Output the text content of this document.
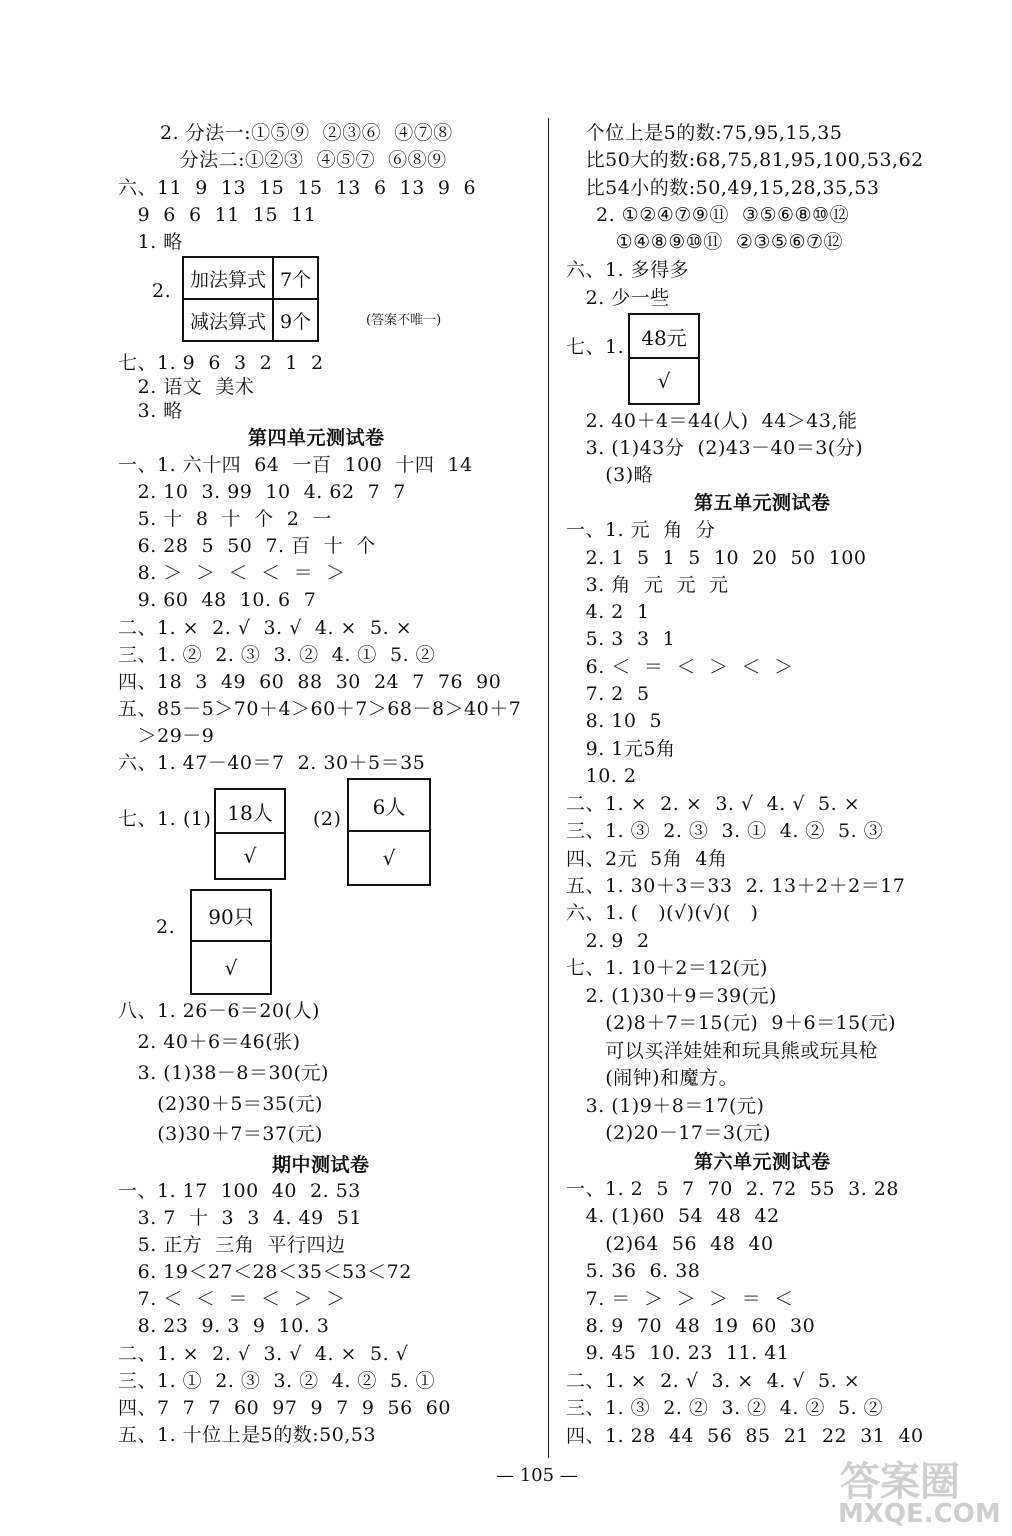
2. 分法一:①⑤⑨  ②③⑥  ④⑦⑧
分法二:①②③  ④⑤⑦  ⑥⑧⑨
六、11  9  13  15  15  13  6  13  9  6
9  6  6  11  15  11
1. 略
2.
加法算式	7个
减法算式	9个	(答案不唯一)
七、1. 9  6  3  2  1  2
2. 语文  美术
3. 略
第四单元测试卷
一、1. 六十四  64  一百  100  十四  14
2. 10  3. 99  10  4. 62  7  7
5. 十  8  十  个  2  一
6. 28  5  50  7. 百  十  个
8. ＞  ＞  ＜  ＜  ＝  ＞
9. 60  48  10. 6  7
二、1. ×  2. √  3. √  4. ×  5. ×
三、1. ②  2. ③  3. ②  4. ①  5. ②
四、18  3  49  60  88  30  24  7  76  90
五、85－5＞70＋4＞60＋7＞68－8＞40＋7
＞29－9
六、1. 47－40＝7  2. 30＋5＝35
七、1. (1) 18人
√
(2)
6人
√
2.	90只
√
八、1. 26－6＝20(人)
2. 40＋6＝46(张)
3. (1)38－8＝30(元)
(2)30＋5＝35(元)
(3)30＋7＝37(元)
期中测试卷
一、1. 17  100  40  2. 53
3. 7  十  3  3  4. 49  51
5. 正方  三角  平行四边
6. 19＜27＜28＜35＜53＜72
7. ＜  ＜  ＝  ＜  ＞  ＞
8. 23  9. 3  9  10. 3
二、1. ×  2. √  3. √  4. ×  5. √
三、1. ①  2. ③  3. ②  4. ②  5. ①
四、7  7  7  60  97  9  7  9  56  60
五、1. 十位上是5的数:50,53
个位上是5的数:75,95,15,35
比50大的数:68,75,81,95,100,53,62
比54小的数:50,49,15,28,35,53
2. ①②④⑦⑨⑪  ③⑤⑥⑧⑩⑫
①④⑧⑨⑩⑪  ②③⑤⑥⑦⑫
六、1. 多得多
2. 少一些
七、1. 48元
√
2. 40＋4＝44(人)  44＞43,能
3. (1)43分  (2)43－40＝3(分)
(3)略
第五单元测试卷
一、1. 元  角  分
2. 1  5  1  5  10  20  50  100
3. 角  元  元  元
4. 2  1
5. 3  3  1
6. ＜  ＝  ＜  ＞  ＜  ＞
7. 2  5
8. 10  5
9. 1元5角
10. 2
二、1. ×  2. ×  3. √  4. √  5. ×
三、1. ③  2. ③  3. ①  4. ②  5. ③
四、2元  5角  4角
五、1. 30＋3＝33  2. 13＋2＋2＝17
六、1. (   )(√)(√)(   )
2. 9  2
七、1. 10＋2＝12(元)
2. (1)30＋9＝39(元)
(2)8＋7＝15(元)  9＋6＝15(元)
可以买洋娃娃和玩具熊或玩具枪
(闹钟)和魔方。
3. (1)9＋8＝17(元)
(2)20－17＝3(元)
第六单元测试卷
一、1. 2  5  7  70  2. 72  55  3. 28
4. (1)60  54  48  42
(2)64  56  48  40
5. 36  6. 38
7. ＝  ＞  ＞  ＞  ＝  ＜
8. 9  70  48  19  60  30
9. 45  10. 23  11. 41
二、1. ×  2. √  3. ×  4. √  5. ×
三、1. ③  2. ②  3. ②  4. ②  5. ②
四、1. 28  44  56  85  21  22  31  40
— 105 —	答案圈
MXQE.COM
